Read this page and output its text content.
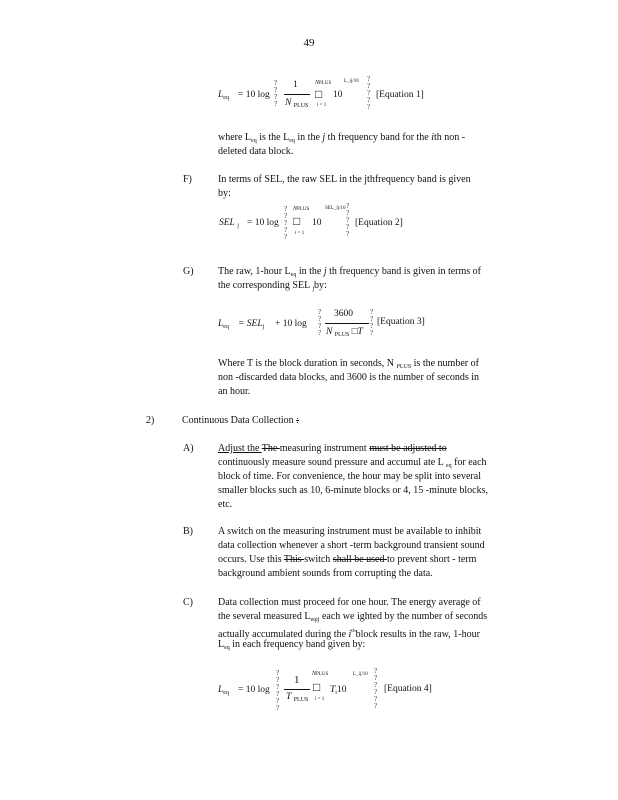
49
$L_{eq} = 10$ log
?
?
?
?
1
N $_{PLUS}$
NPLUS
□
i = 1
10
L_ij/10 ?
?
?
?
?
[Equation 1]
where $L_{eq}$ is the $L_{eq}$ in the j th frequency band for the ith non -
deleted data block.
F)	In terms of SEL, the raw SEL in the jthfrequency band is given
by:
SEL $_j$ = 10 log
?
?
?
?
?
NPLUS
□
i = 1
10
SEL_ij/10 ?
?
?
?
?
[Equation 2]
G) The raw, 1-hour $L_{eq}$ in the j th frequency band is given in terms of
the corresponding SEL $_j$by:
$L_{eq} = SEL_j + 10$ log
?
?
?
?
3600
N $_{PLUS}$ □T
?
?
?
?
[Equation 3]
Where T is the block duration in seconds, N $_{PLUS}$ is the number of
non -discarded data blocks, and 3600 is the number of seconds in
an hour.
2)	Continuous Data Collection :
A) Adjust the The measuring instrument must be adjusted to
continuously measure sound pressure and accumul ate L $_{eq}$ for each
block of time. For convenience, the hour may be split into several
smaller blocks such as 10, 6-minute blocks or 4, 15 -minute blocks,
etc.
B)	A switch on the measuring instrument must be available to inhibit
data collection whenever a short -term background transient sound
occurs. Use this This switch shall be used to prevent short - term
background ambient sounds from corrupting the data.
C)	Data collection must proceed for one hour. The energy average of
the several measured $L_{eqij}$ each we ighted by the number of seconds
actually accumulated during the $i^{th}block$ results in the raw, 1-hour
$L_{eq}$ in each frequency band given by:
$L_{eq} = 10$ log
?
?
?
?
?
?
1
T $_{PLUS}$
NPLUS
□
i = 1
$T_i10$
L_ij/10 ?
?
?
?
?
?
[Equation 4]
